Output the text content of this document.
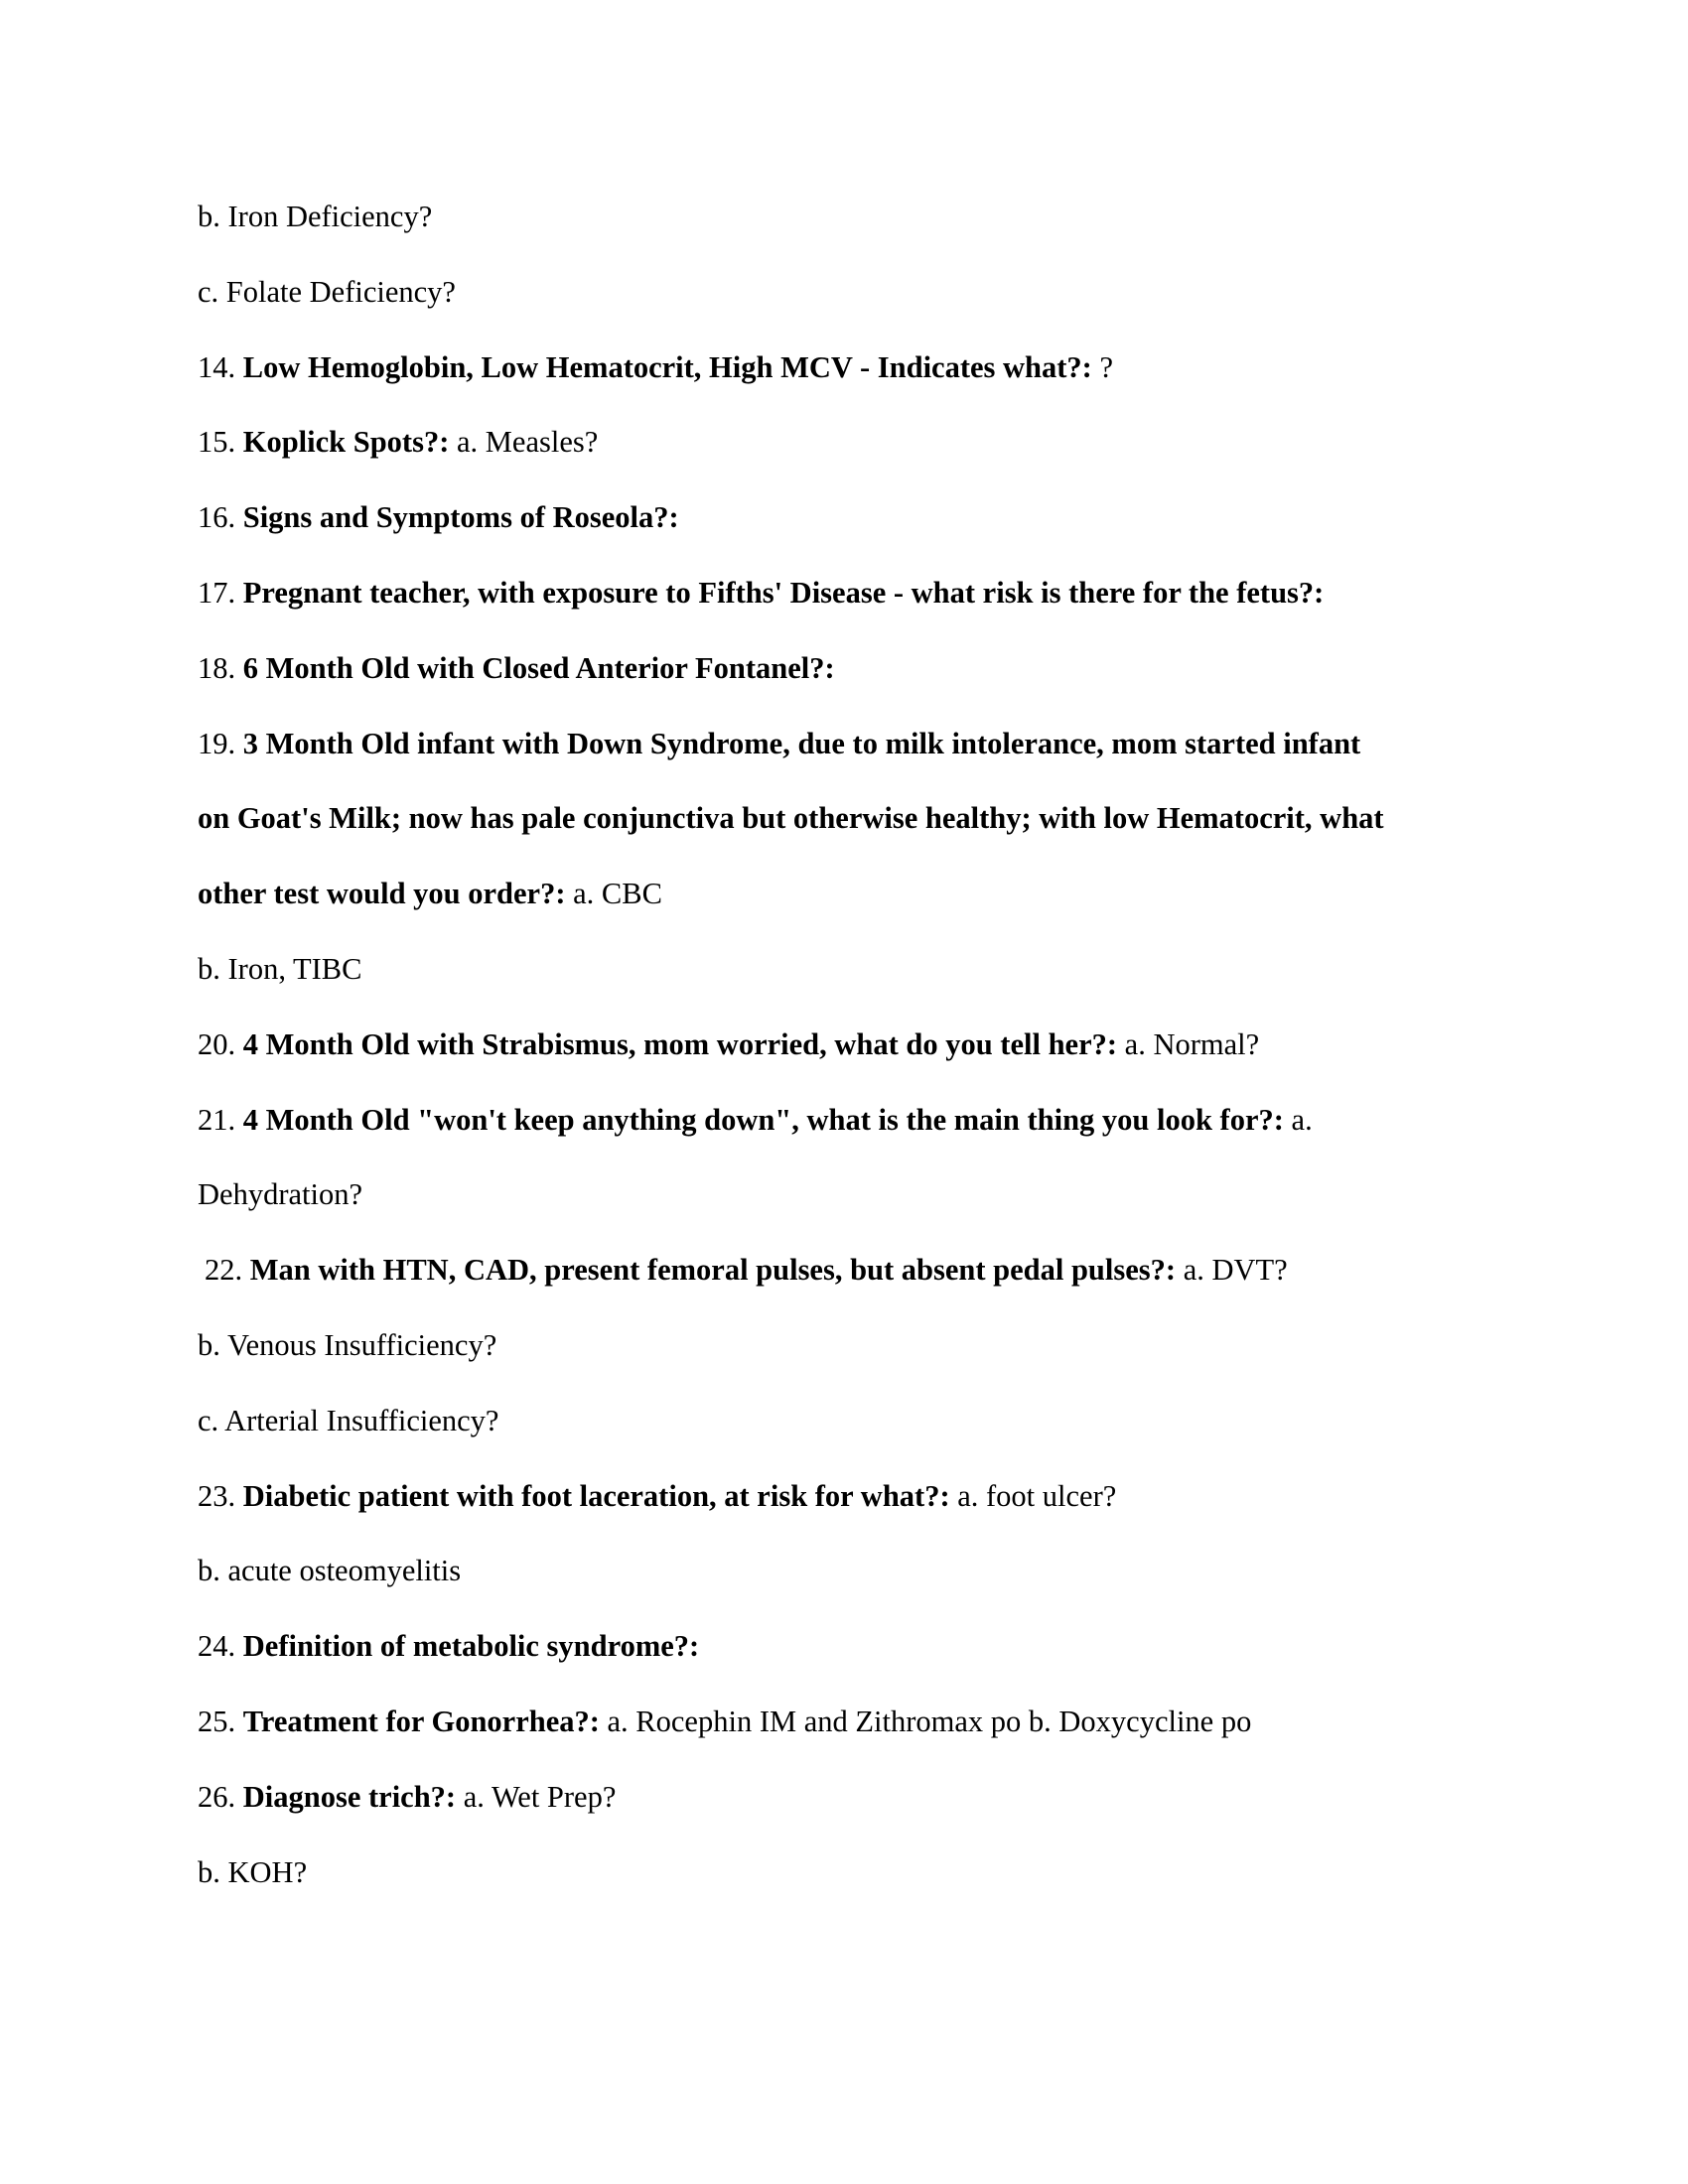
b. Iron Deficiency?
c. Folate Deficiency?
14. Low Hemoglobin, Low Hematocrit, High MCV - Indicates what?: ?
15. Koplick Spots?: a. Measles?
16. Signs and Symptoms of Roseola?:
17. Pregnant teacher, with exposure to Fifths' Disease - what risk is there for the fetus?:
18. 6 Month Old with Closed Anterior Fontanel?:
19. 3 Month Old infant with Down Syndrome, due to milk intolerance, mom started infant
on Goat's Milk; now has pale conjunctiva but otherwise healthy; with low Hematocrit, what
other test would you order?: a. CBC
b. Iron, TIBC
20. 4 Month Old with Strabismus, mom worried, what do you tell her?: a. Normal?
21. 4 Month Old "won't keep anything down", what is the main thing you look for?: a.
Dehydration?
22. Man with HTN, CAD, present femoral pulses, but absent pedal pulses?: a. DVT?
b. Venous Insufficiency?
c. Arterial Insufficiency?
23. Diabetic patient with foot laceration, at risk for what?: a. foot ulcer?
b. acute osteomyelitis
24. Definition of metabolic syndrome?:
25. Treatment for Gonorrhea?: a. Rocephin IM and Zithromax po b. Doxycycline po
26. Diagnose trich?: a. Wet Prep?
b. KOH?
